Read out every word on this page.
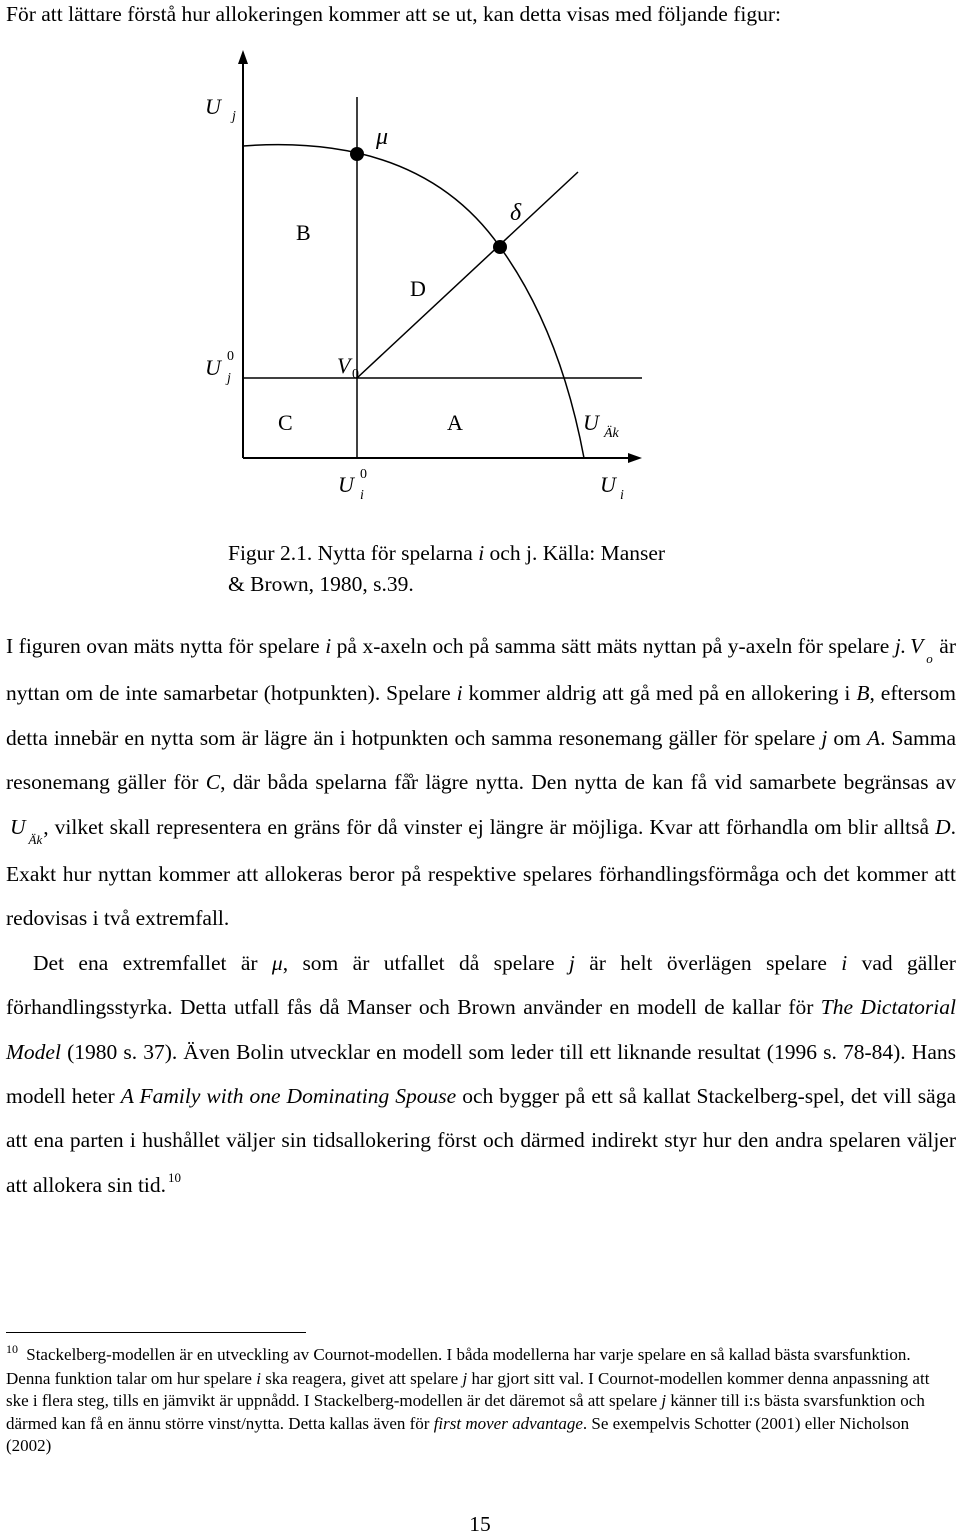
För att lättare förstå hur allokeringen kommer att se ut, kan detta visas med följande figur:

U j
μ
δ
B
D
U 0
j
V 0
C	A	U Äk
U 0
i	U i

Figur 2.1. Nytta för spelarna i och j. Källa: Manser
& Brown, 1980, s.39.

I figuren ovan mäts nytta för spelare i på x-axeln och på samma sätt mäts nyttan på y-axeln för spelare j. $V_o$ är nyttan om de inte samarbetar (hotpunkten). Spelare i kommer aldrig att gå med på en allokering i B, eftersom detta innebär en nytta som är lägre än i hotpunkten och samma resonemang gäller för spelare j om A. Samma resonemang gäller för C, där båda spelarna få̊r lägre nytta. Den nytta de kan få vid samarbete begränsas av $U_{Äk}$, vilket skall representera en gräns för då vinster ej längre är möjliga. Kvar att förhandla om blir alltså D. Exakt hur nyttan kommer att allokeras beror på respektive spelares förhandlingsförmåga och det kommer att redovisas i två extremfall.

Det ena extremfallet är μ, som är utfallet då spelare j är helt överlägen spelare i vad gäller förhandlingsstyrka. Detta utfall fås då Manser och Brown använder en modell de kallar för The Dictatorial Model (1980 s. 37). Även Bolin utvecklar en modell som leder till ett liknande resultat (1996 s. 78-84). Hans modell heter A Family with one Dominating Spouse och bygger på ett så kallat Stackelberg-spel, det vill säga att ena parten i hushållet väljer sin tidsallokering först och därmed indirekt styr hur den andra spelaren väljer att allokera sin tid. $^{10}$

$^{10}$ Stackelberg-modellen är en utveckling av Cournot-modellen. I båda modellerna har varje spelare en så kallad bästa svarsfunktion. Denna funktion talar om hur spelare i ska reagera, givet att spelare j har gjort sitt val. I Cournot-modellen kommer denna anpassning att ske i flera steg, tills en jämvikt är uppnådd. I Stackelberg-modellen är det däremot så att spelare j känner till i:s bästa svarsfunktion och därmed kan få en ännu större vinst/nytta. Detta kallas även för first mover advantage. Se exempelvis Schotter (2001) eller Nicholson (2002)

15
